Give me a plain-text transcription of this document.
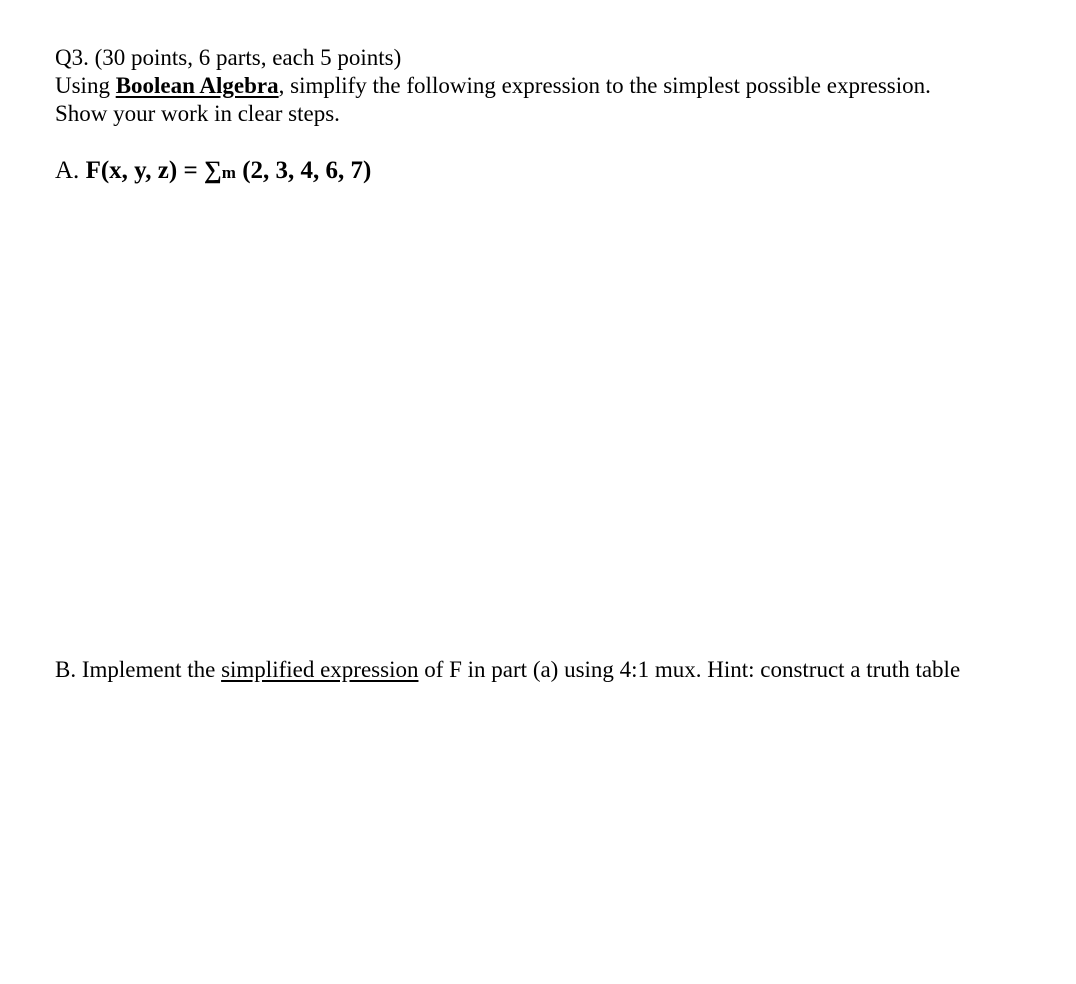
Q3. (30 points, 6 parts, each 5 points)
Using Boolean Algebra, simplify the following expression to the simplest possible expression.
Show your work in clear steps.
A. F(x, y, z) = ∑m (2, 3, 4, 6, 7)
B. Implement the simplified expression of F in part (a) using 4:1 mux. Hint: construct a truth table
